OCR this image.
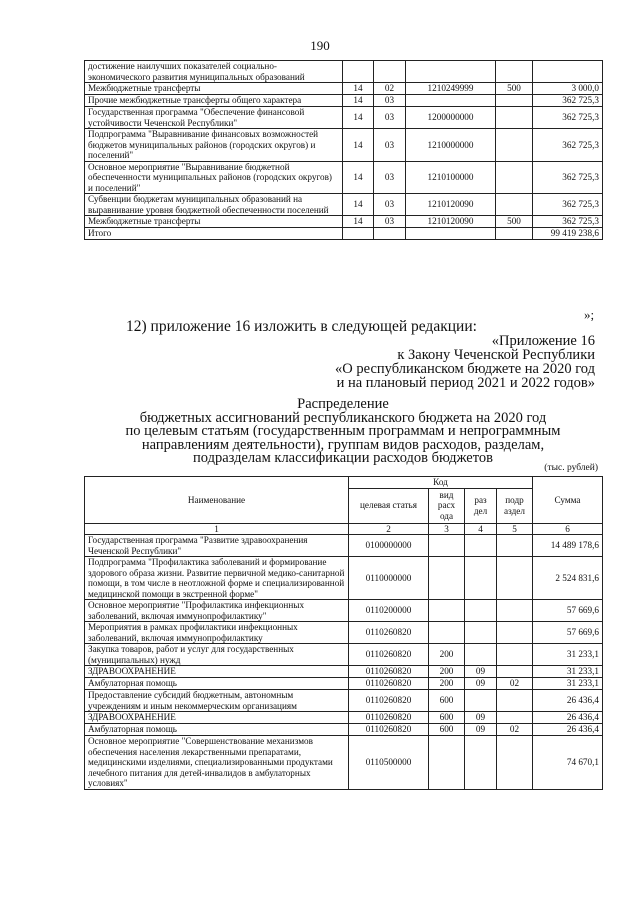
190
достижение наилучших показателей социально-экономического развития муниципальных образований					
Межбюджетные трансферты	14	02	1210249999	500	3 000,0
Прочие межбюджетные трансферты общего характера	14	03			362 725,3
Государственная программа "Обеспечение финансовой устойчивости Чеченской Республики"	14	03	1200000000		362 725,3
Подпрограмма "Выравнивание финансовых возможностей бюджетов муниципальных районов (городских округов) и поселений"	14	03	1210000000		362 725,3
Основное мероприятие "Выравнивание бюджетной обеспеченности муниципальных районов (городских округов) и поселений"	14	03	1210100000		362 725,3
Субвенции бюджетам муниципальных образований на выравнивание уровня бюджетной обеспеченности поселений	14	03	1210120090		362 725,3
Межбюджетные трансферты	14	03	1210120090	500	362 725,3
Итого					99 419 238,6
»;
12) приложение 16 изложить в следующей редакции:
«Приложение 16
к Закону Чеченской Республики
«О республиканском бюджете на 2020 год
и на плановый период 2021 и 2022 годов»
Распределение
бюджетных ассигнований республиканского бюджета на 2020 год
по целевым статьям (государственным программам и непрограммным
направлениям деятельности), группам видов расходов, разделам,
подразделам классификации расходов бюджетов
(тыс. рублей)
Наименование	Код				Сумма
	целевая статья	вид расх ода	раз дел	подр аздел	
1	2	3	4	5	6
Государственная программа "Развитие здравоохранения Чеченской Республики"	0100000000				14 489 178,6
Подпрограмма "Профилактика заболеваний и формирование здорового образа жизни. Развитие первичной медико-санитарной помощи, в том числе в неотложной форме и специализированной медицинской помощи в экстренной форме"	0110000000				2 524 831,6
Основное мероприятие "Профилактика инфекционных заболеваний, включая иммунопрофилактику"	0110200000				57 669,6
Мероприятия в рамках профилактики инфекционных заболеваний, включая иммунопрофилактику	0110260820				57 669,6
Закупка товаров, работ и услуг для государственных (муниципальных) нужд	0110260820	200			31 233,1
ЗДРАВООХРАНЕНИЕ	0110260820	200	09		31 233,1
Амбулаторная помощь	0110260820	200	09	02	31 233,1
Предоставление субсидий бюджетным, автономным учреждениям и иным некоммерческим организациям	0110260820	600			26 436,4
ЗДРАВООХРАНЕНИЕ	0110260820	600	09		26 436,4
Амбулаторная помощь	0110260820	600	09	02	26 436,4
Основное мероприятие "Совершенствование механизмов обеспечения населения лекарственными препаратами, медицинскими изделиями, специализированными продуктами лечебного питания для детей-инвалидов в амбулаторных условиях"	0110500000				74 670,1
